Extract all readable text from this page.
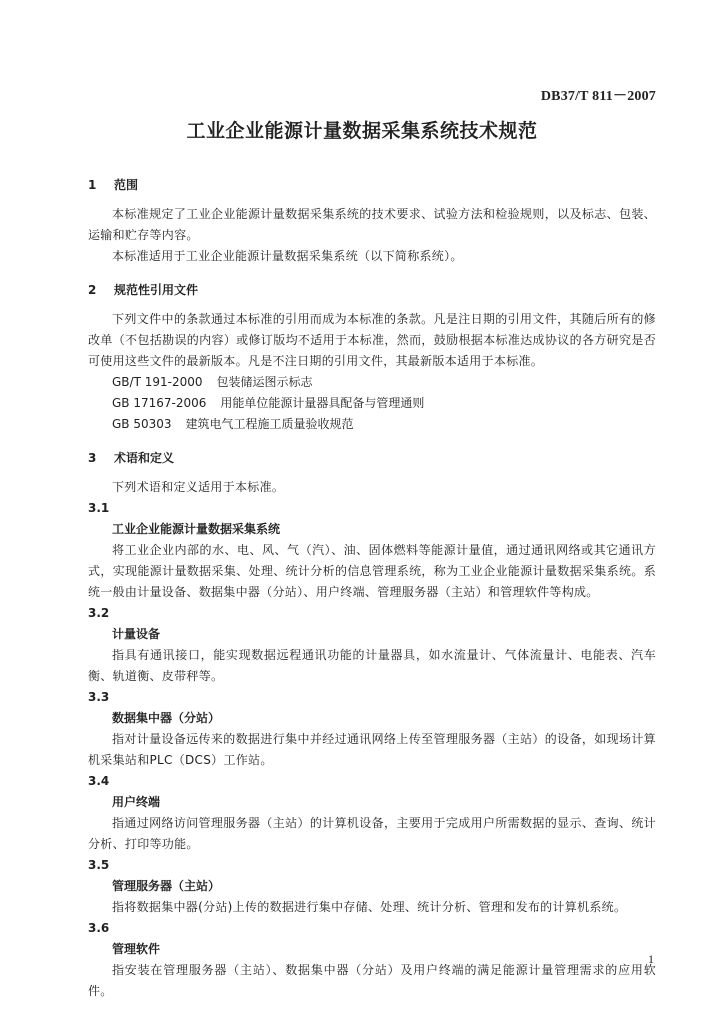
DB37/T 811－2007
工业企业能源计量数据采集系统技术规范
1 范围

本标准规定了工业企业能源计量数据采集系统的技术要求、试验方法和检验规则，以及标志、包装、运输和贮存等内容。

本标准适用于工业企业能源计量数据采集系统（以下简称系统）。

2 规范性引用文件

下列文件中的条款通过本标准的引用而成为本标准的条款。凡是注日期的引用文件，其随后所有的修改单（不包括勘误的内容）或修订版均不适用于本标准，然而，鼓励根据本标准达成协议的各方研究是否可使用这些文件的最新版本。凡是不注日期的引用文件，其最新版本适用于本标准。

GB/T 191-2000 包装储运图示标志

GB 17167-2006 用能单位能源计量器具配备与管理通则

GB 50303 建筑电气工程施工质量验收规范

3 术语和定义

下列术语和定义适用于本标准。

3.1
工业企业能源计量数据采集系统

将工业企业内部的水、电、风、气（汽）、油、固体燃料等能源计量值，通过通讯网络或其它通讯方式，实现能源计量数据采集、处理、统计分析的信息管理系统，称为工业企业能源计量数据采集系统。系统一般由计量设备、数据集中器（分站）、用户终端、管理服务器（主站）和管理软件等构成。

3.2
计量设备

指具有通讯接口，能实现数据远程通讯功能的计量器具，如水流量计、气体流量计、电能表、汽车衡、轨道衡、皮带秤等。

3.3
数据集中器（分站）

指对计量设备远传来的数据进行集中并经过通讯网络上传至管理服务器（主站）的设备，如现场计算机采集站和PLC（DCS）工作站。

3.4
用户终端

指通过网络访问管理服务器（主站）的计算机设备，主要用于完成用户所需数据的显示、查询、统计分析、打印等功能。

3.5
管理服务器（主站）

指将数据集中器(分站)上传的数据进行集中存储、处理、统计分析、管理和发布的计算机系统。

3.6
管理软件

指安装在管理服务器（主站）、数据集中器（分站）及用户终端的满足能源计量管理需求的应用软件。

1
